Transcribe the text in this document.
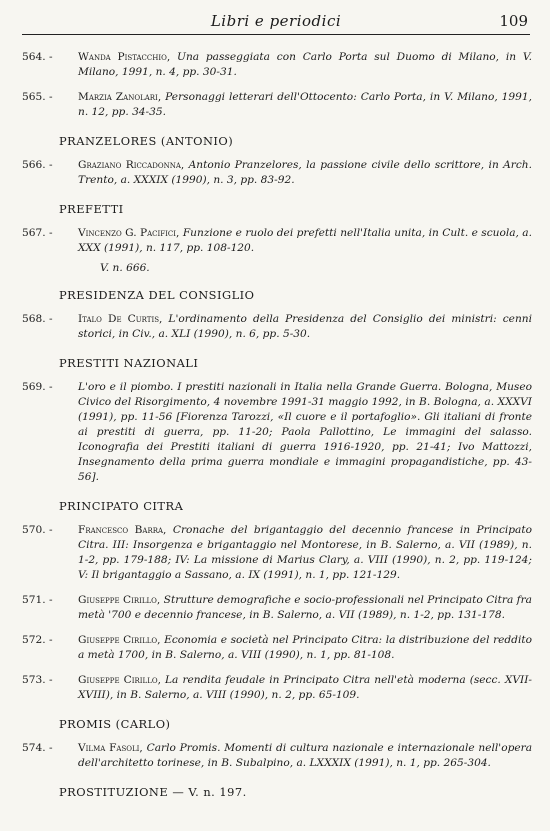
Libri e periodici	109
564. -	Wanda Pistacchio, Una passeggiata con Carlo Porta sul Duomo di Milano, in V. Milano, 1991, n. 4, pp. 30-31.
565. -	Marzia Zanolari, Personaggi letterari dell'Ottocento: Carlo Porta, in V. Milano, 1991, n. 12, pp. 34-35.
PRANZELORES (ANTONIO)
566. -	Graziano Riccadonna, Antonio Pranzelores, la passione civile dello scrittore, in Arch. Trento, a. XXXIX (1990), n. 3, pp. 83-92.
PREFETTI
567. -	Vincenzo G. Pacifici, Funzione e ruolo dei prefetti nell'Italia unita, in Cult. e scuola, a. XXX (1991), n. 117, pp. 108-120.
V. n. 666.
PRESIDENZA DEL CONSIGLIO
568. -	Italo De Curtis, L'ordinamento della Presidenza del Consiglio dei ministri: cenni storici, in Civ., a. XLI (1990), n. 6, pp. 5-30.
PRESTITI NAZIONALI
569. -	L'oro e il piombo. I prestiti nazionali in Italia nella Grande Guerra. Bologna, Museo Civico del Risorgimento, 4 novembre 1991-31 maggio 1992, in B. Bologna, a. XXXVI (1991), pp. 11-56 [Fiorenza Tarozzi, «Il cuore e il portafoglio». Gli italiani di fronte ai prestiti di guerra, pp. 11-20; Paola Pallottino, Le immagini del salasso. Iconografia dei Prestiti italiani di guerra 1916-1920, pp. 21-41; Ivo Mattozzi, Insegnamento della prima guerra mondiale e immagini propagandistiche, pp. 43-56].
PRINCIPATO CITRA
570. -	Francesco Barra, Cronache del brigantaggio del decennio francese in Principato Citra. III: Insorgenza e brigantaggio nel Montorese, in B. Salerno, a. VII (1989), n. 1-2, pp. 179-188; IV: La missione di Marius Clary, a. VIII (1990), n. 2, pp. 119-124; V: Il brigantaggio a Sassano, a. IX (1991), n. 1, pp. 121-129.
571. -	Giuseppe Cirillo, Strutture demografiche e socio-professionali nel Principato Citra fra metà '700 e decennio francese, in B. Salerno, a. VII (1989), n. 1-2, pp. 131-178.
572. -	Giuseppe Cirillo, Economia e società nel Principato Citra: la distribuzione del reddito a metà 1700, in B. Salerno, a. VIII (1990), n. 1, pp. 81-108.
573. -	Giuseppe Cirillo, La rendita feudale in Principato Citra nell'età moderna (secc. XVII-XVIII), in B. Salerno, a. VIII (1990), n. 2, pp. 65-109.
PROMIS (CARLO)
574. -	Vilma Fasoli, Carlo Promis. Momenti di cultura nazionale e internazionale nell'opera dell'architetto torinese, in B. Subalpino, a. LXXXIX (1991), n. 1, pp. 265-304.
PROSTITUZIONE — V. n. 197.
